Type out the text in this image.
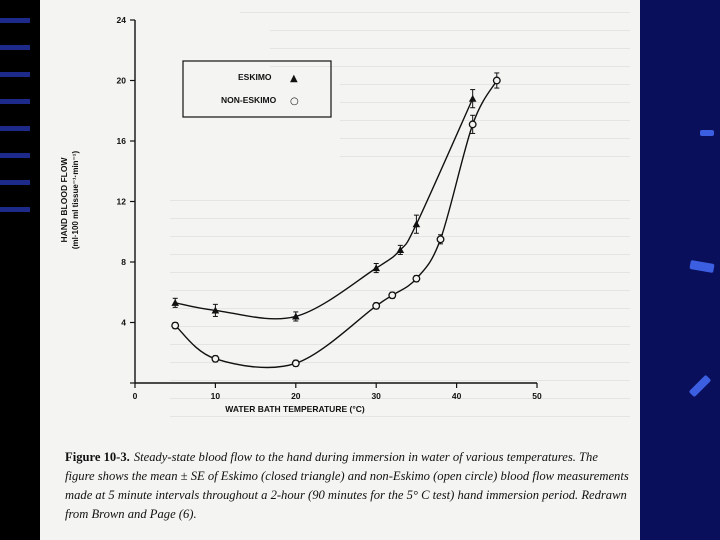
4
8
12
16
20
24
0	10	20	30	40	50
HAND BLOOD FLOW (ml·100 ml tissue⁻¹·min⁻¹)
WATER BATH TEMPERATURE (°C)
ESKIMO ▲
NON-ESKIMO ○
Figure 10-3. Steady-state blood flow to the hand during immersion in water of various temperatures. The figure shows the mean ± SE of Eskimo (closed triangle) and non-Eskimo (open circle) blood flow measurements made at 5 minute intervals throughout a 2-hour (90 minutes for the 5° C test) hand immersion period. Redrawn from Brown and Page (6).
